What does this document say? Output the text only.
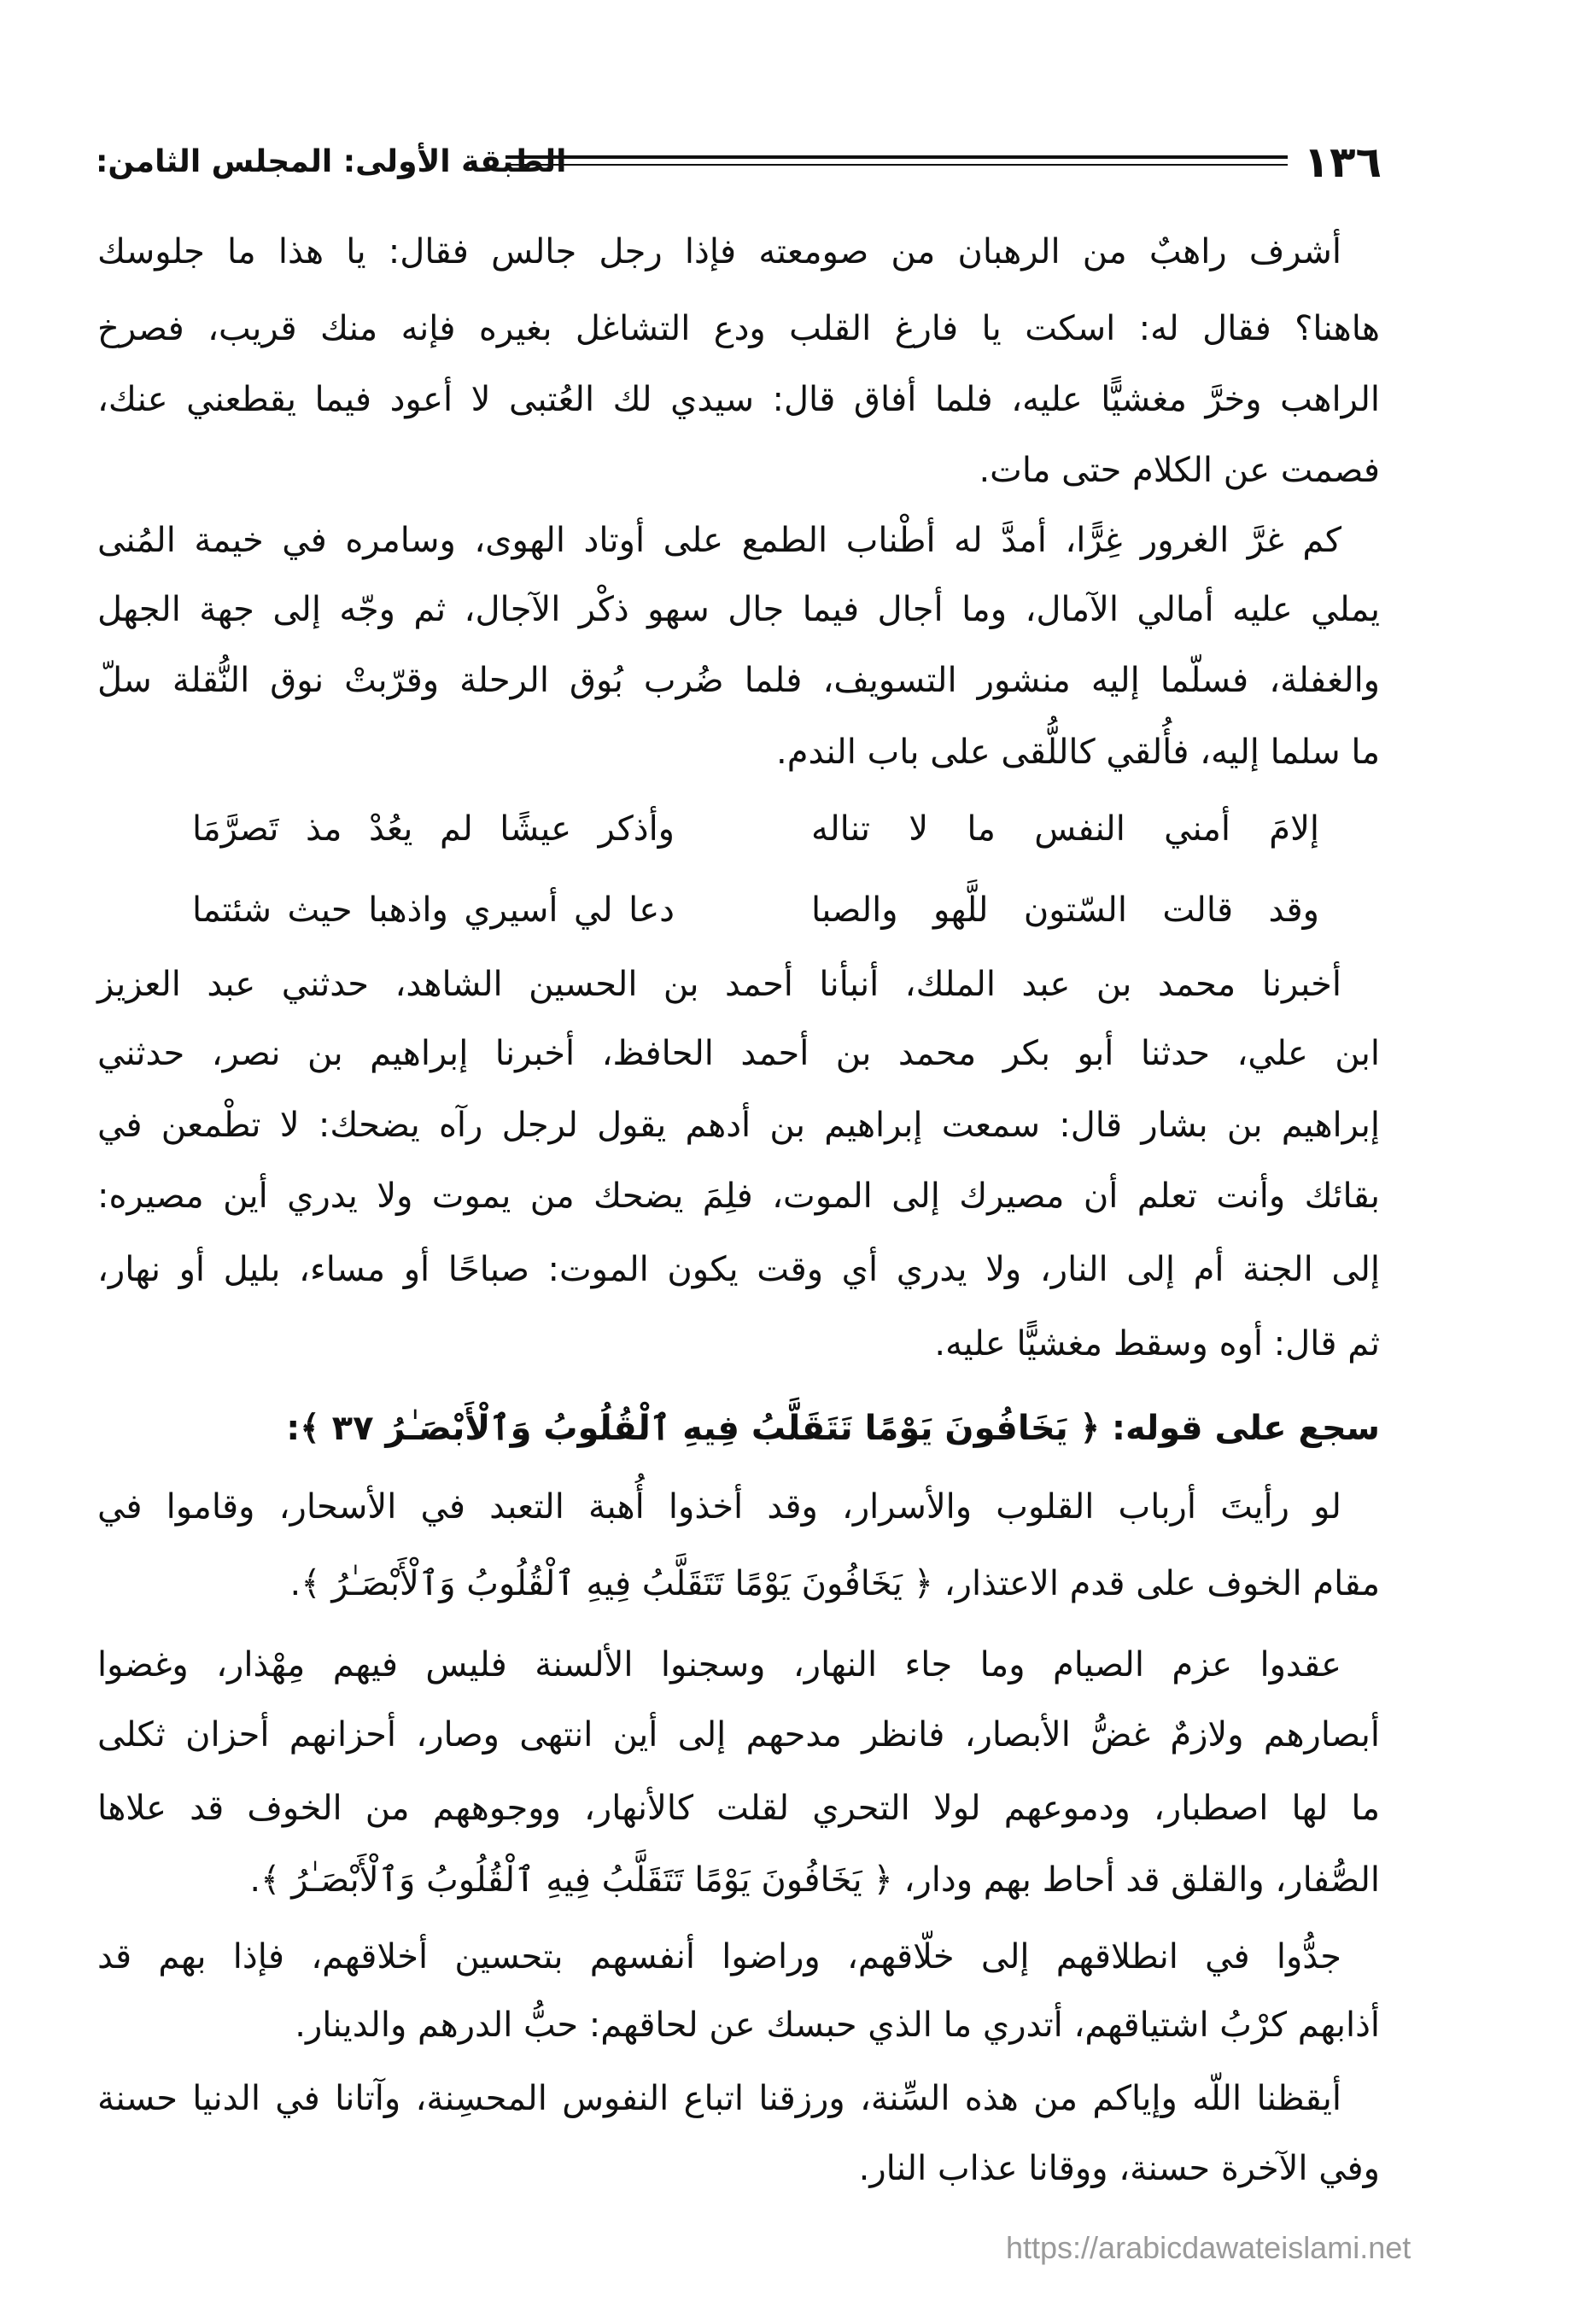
١٣٦
الطبقة الأولى: المجلس الثامن:
أشرف راهبٌ من الرهبان من صومعته فإذا رجل جالس فقال: يا هذا ما جلوسك
هاهنا؟ فقال له: اسكت يا فارغ القلب ودع التشاغل بغيره فإنه منك قريب، فصرخ
الراهب وخرَّ مغشيًّا عليه، فلما أفاق قال: سيدي لك العُتبى لا أعود فيما يقطعني عنك،
فصمت عن الكلام حتى مات.
كم غرَّ الغرور غِرًّا، أمدَّ له أطْناب الطمع على أوتاد الهوى، وسامره في خيمة المُنى
يملي عليه أمالي الآمال، وما أجال فيما جال سهو ذكْر الآجال، ثم وجّه إلى جهة الجهل
والغفلة، فسلّما إليه منشور التسويف، فلما ضُرب بُوق الرحلة وقرّبتْ نوق النُّقلة سلّ
ما سلما إليه، فأُلقي كاللُّقى على باب الندم.
إلامَ أمني النفس ما لا تناله
وأذكر عيشًا لم يعُدْ مذ تَصرَّمَا
وقد قالت السّتون للَّهو والصبا
دعا لي أسيري واذهبا حيث شئتما
أخبرنا محمد بن عبد الملك، أنبأنا أحمد بن الحسين الشاهد، حدثني عبد العزيز
ابن علي، حدثنا أبو بكر محمد بن أحمد الحافظ، أخبرنا إبراهيم بن نصر، حدثني
إبراهيم بن بشار قال: سمعت إبراهيم بن أدهم يقول لرجل رآه يضحك: لا تطْمعن في
بقائك وأنت تعلم أن مصيرك إلى الموت، فلِمَ يضحك من يموت ولا يدري أين مصيره:
إلى الجنة أم إلى النار، ولا يدري أي وقت يكون الموت: صباحًا أو مساء، بليل أو نهار،
ثم قال: أوه وسقط مغشيًّا عليه.
سجع على قوله: ﴿ يَخَافُونَ يَوْمًا تَتَقَلَّبُ فِيهِ ٱلْقُلُوبُ وَٱلْأَبْصَـٰرُ ٣٧ ﴾:
لو رأيتَ أرباب القلوب والأسرار، وقد أخذوا أُهبة التعبد في الأسحار، وقاموا في
مقام الخوف على قدم الاعتذار، ﴿ يَخَافُونَ يَوْمًا تَتَقَلَّبُ فِيهِ ٱلْقُلُوبُ وَٱلْأَبْصَـٰرُ ﴾.
عقدوا عزم الصيام وما جاء النهار، وسجنوا الألسنة فليس فيهم مِهْذار، وغضوا
أبصارهم ولازمٌ غضُّ الأبصار، فانظر مدحهم إلى أين انتهى وصار، أحزانهم أحزان ثكلى
ما لها اصطبار، ودموعهم لولا التحري لقلت كالأنهار، ووجوههم من الخوف قد علاها
الصُّفار، والقلق قد أحاط بهم ودار، ﴿ يَخَافُونَ يَوْمًا تَتَقَلَّبُ فِيهِ ٱلْقُلُوبُ وَٱلْأَبْصَـٰرُ ﴾.
جدُّوا في انطلاقهم إلى خلّاقهم، وراضوا أنفسهم بتحسين أخلاقهم، فإذا بهم قد
أذابهم كرْبُ اشتياقهم، أتدري ما الذي حبسك عن لحاقهم: حبُّ الدرهم والدينار.
أيقظنا اللّه وإياكم من هذه السِّنة، ورزقنا اتباع النفوس المحسِنة، وآتانا في الدنيا حسنة
وفي الآخرة حسنة، ووقانا عذاب النار.
https://arabicdawateislami.net
